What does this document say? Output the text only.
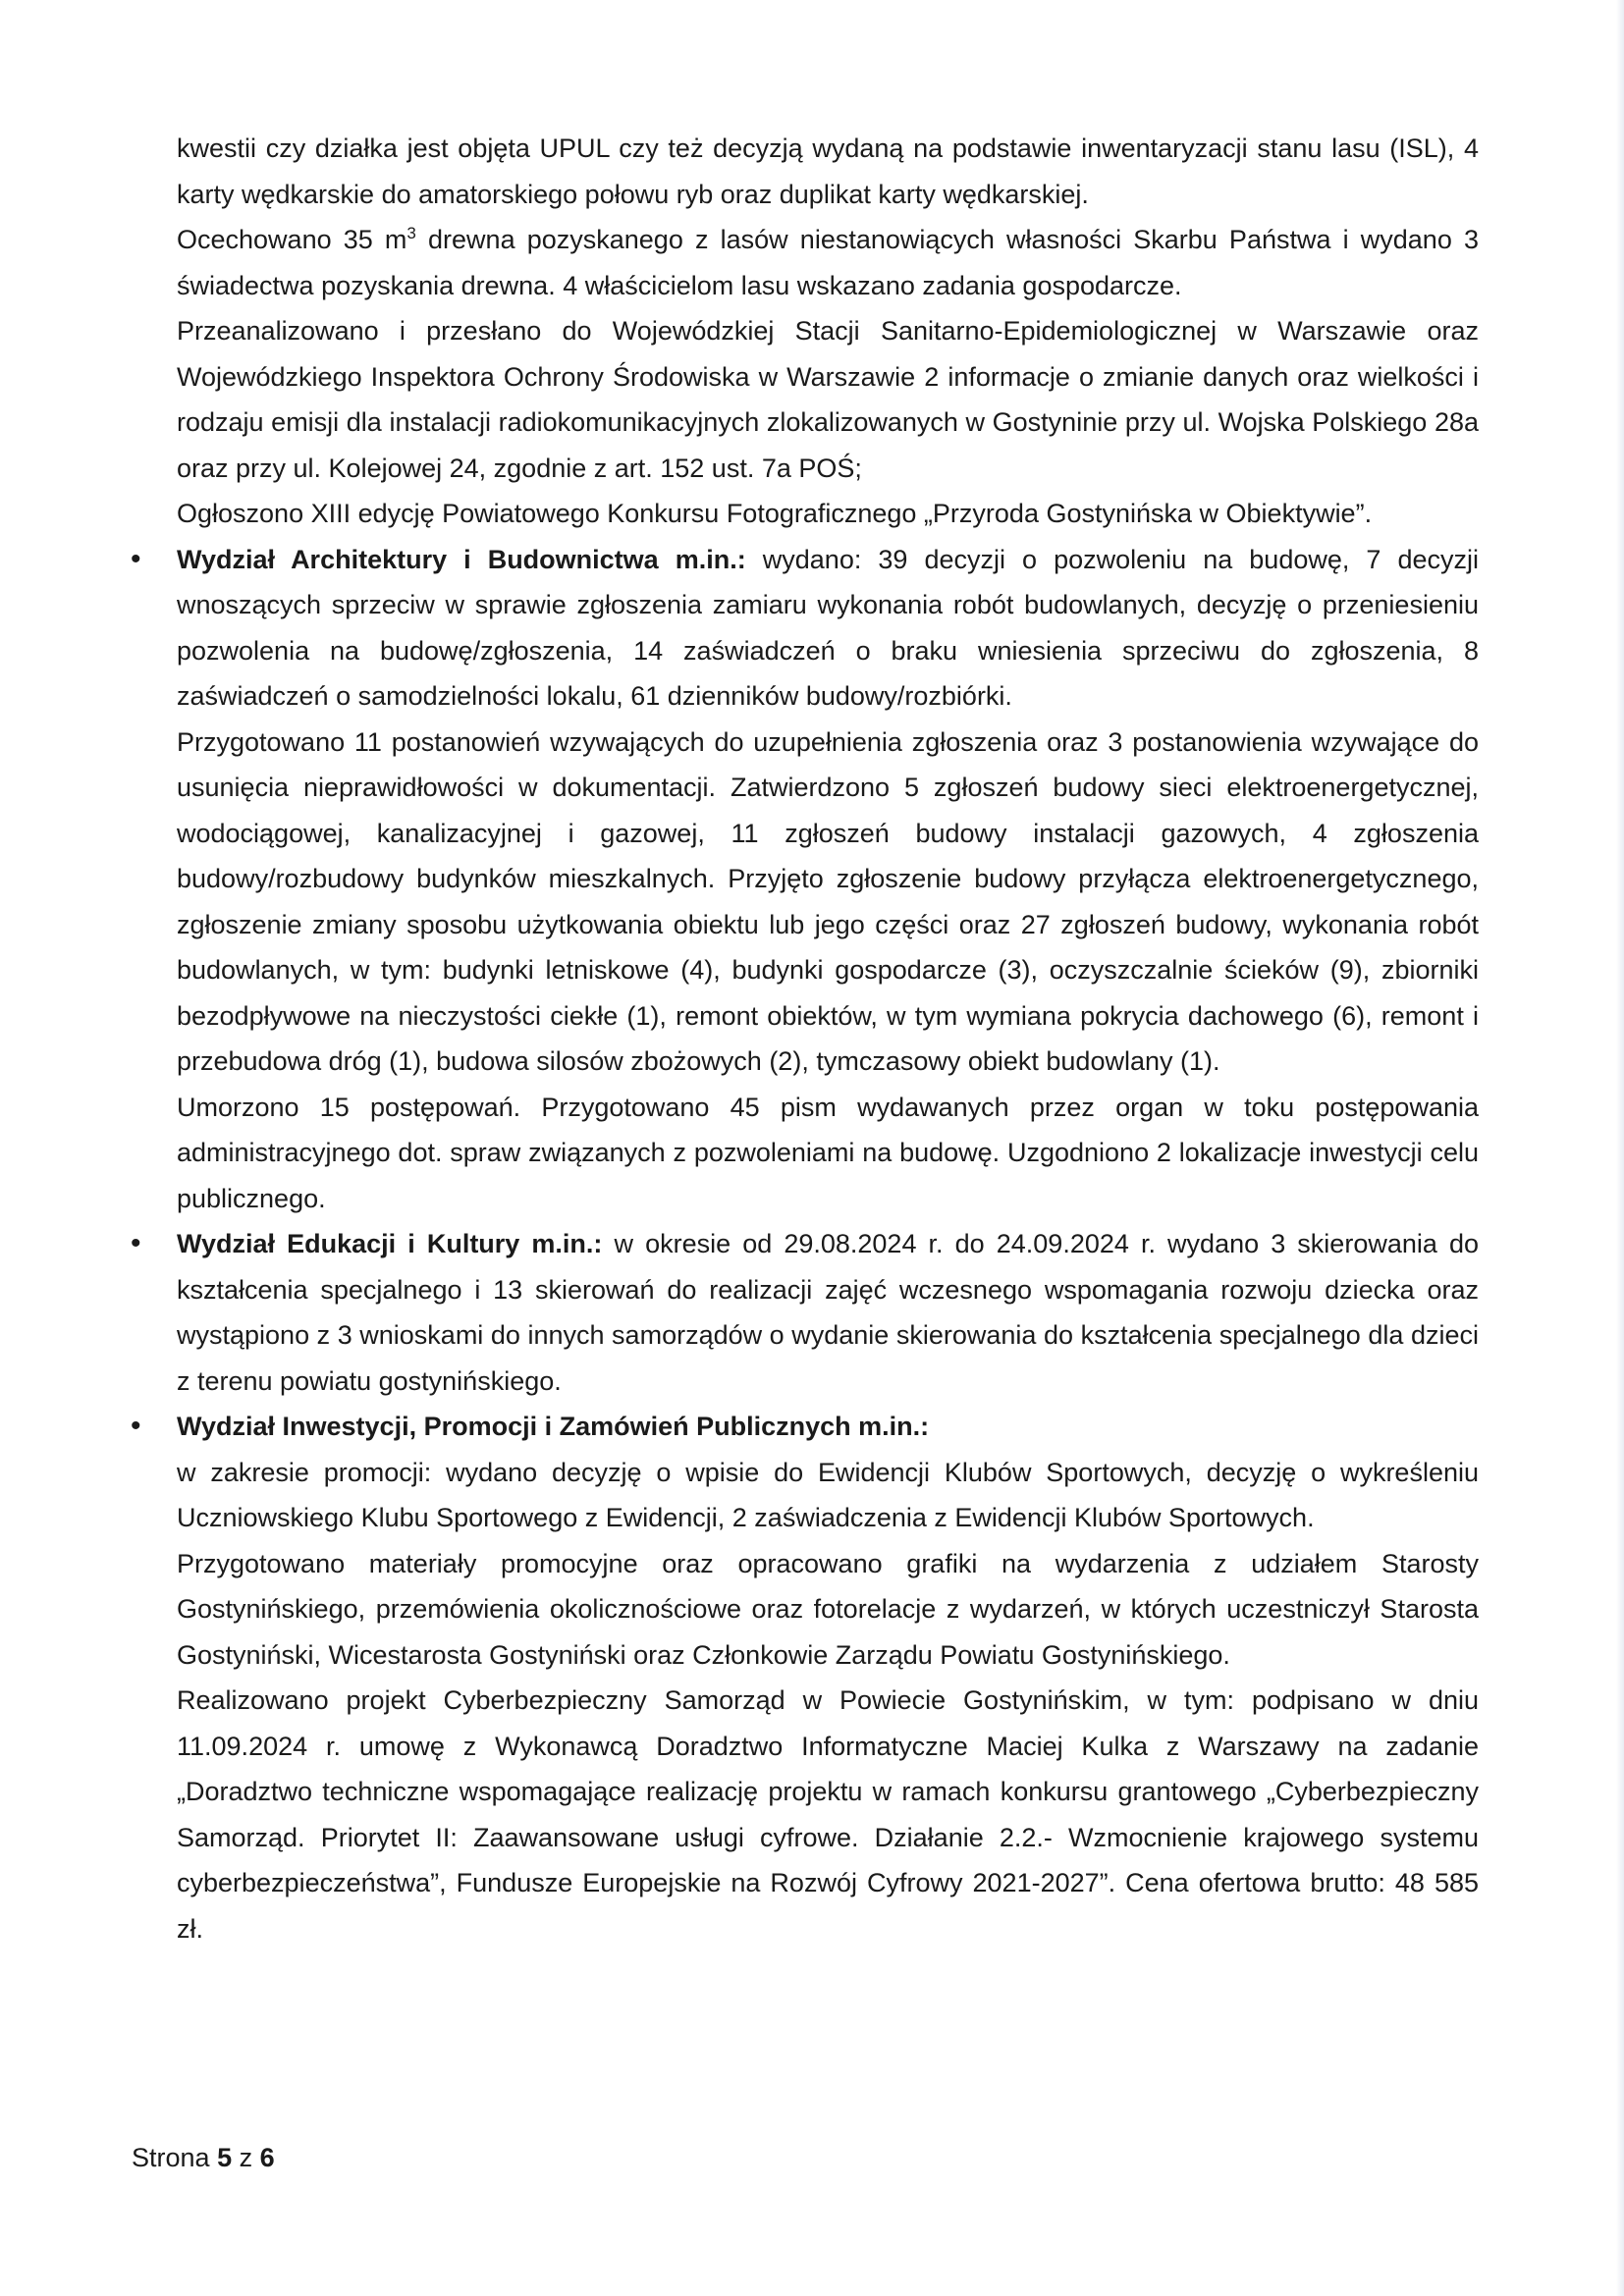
kwestii czy działka jest objęta UPUL czy też decyzją wydaną na podstawie inwentaryzacji stanu lasu (ISL), 4 karty wędkarskie do amatorskiego połowu ryb oraz duplikat karty wędkarskiej.

Ocechowano 35 $m^3$ drewna pozyskanego z lasów niestanowiących własności Skarbu Państwa i wydano 3 świadectwa pozyskania drewna. 4 właścicielom lasu wskazano zadania gospodarcze.

Przeanalizowano i przesłano do Wojewódzkiej Stacji Sanitarno-Epidemiologicznej w Warszawie oraz Wojewódzkiego Inspektora Ochrony Środowiska w Warszawie 2 informacje o zmianie danych oraz wielkości i rodzaju emisji dla instalacji radiokomunikacyjnych zlokalizowanych w Gostyninie przy ul. Wojska Polskiego 28a oraz przy ul. Kolejowej 24, zgodnie z art. 152 ust. 7a POŚ;

Ogłoszono XIII edycję Powiatowego Konkursu Fotograficznego „Przyroda Gostynińska w Obiektywie”.

• Wydział Architektury i Budownictwa m.in.: wydano: 39 decyzji o pozwoleniu na budowę, 7 decyzji wnoszących sprzeciw w sprawie zgłoszenia zamiaru wykonania robót budowlanych, decyzję o przeniesieniu pozwolenia na budowę/zgłoszenia, 14 zaświadczeń o braku wniesienia sprzeciwu do zgłoszenia, 8 zaświadczeń o samodzielności lokalu, 61 dzienników budowy/rozbiórki.

Przygotowano 11 postanowień wzywających do uzupełnienia zgłoszenia oraz 3 postanowienia wzywające do usunięcia nieprawidłowości w dokumentacji. Zatwierdzono 5 zgłoszeń budowy sieci elektroenergetycznej, wodociągowej, kanalizacyjnej i gazowej, 11 zgłoszeń budowy instalacji gazowych, 4 zgłoszenia budowy/rozbudowy budynków mieszkalnych. Przyjęto zgłoszenie budowy przyłącza elektroenergetycznego, zgłoszenie zmiany sposobu użytkowania obiektu lub jego części oraz 27 zgłoszeń budowy, wykonania robót budowlanych, w tym: budynki letniskowe (4), budynki gospodarcze (3), oczyszczalnie ścieków (9), zbiorniki bezodpływowe na nieczystości ciekłe (1), remont obiektów, w tym wymiana pokrycia dachowego (6), remont i przebudowa dróg (1), budowa silosów zbożowych (2), tymczasowy obiekt budowlany (1).

Umorzono 15 postępowań. Przygotowano 45 pism wydawanych przez organ w toku postępowania administracyjnego dot. spraw związanych z pozwoleniami na budowę. Uzgodniono 2 lokalizacje inwestycji celu publicznego.

• Wydział Edukacji i Kultury m.in.: w okresie od 29.08.2024 r. do 24.09.2024 r. wydano 3 skierowania do kształcenia specjalnego i 13 skierowań do realizacji zajęć wczesnego wspomagania rozwoju dziecka oraz wystąpiono z 3 wnioskami do innych samorządów o wydanie skierowania do kształcenia specjalnego dla dzieci z terenu powiatu gostynińskiego.

• Wydział Inwestycji, Promocji i Zamówień Publicznych m.in.:

w zakresie promocji: wydano decyzję o wpisie do Ewidencji Klubów Sportowych, decyzję o wykreśleniu Uczniowskiego Klubu Sportowego z Ewidencji, 2 zaświadczenia z Ewidencji Klubów Sportowych.

Przygotowano materiały promocyjne oraz opracowano grafiki na wydarzenia z udziałem Starosty Gostynińskiego, przemówienia okolicznościowe oraz fotorelacje z wydarzeń, w których uczestniczył Starosta Gostyniński, Wicestarosta Gostyniński oraz Członkowie Zarządu Powiatu Gostynińskiego.

Realizowano projekt Cyberbezpieczny Samorząd w Powiecie Gostynińskim, w tym: podpisano w dniu 11.09.2024 r. umowę z Wykonawcą Doradztwo Informatyczne Maciej Kulka z Warszawy na zadanie „Doradztwo techniczne wspomagające realizację projektu w ramach konkursu grantowego „Cyberbezpieczny Samorząd. Priorytet II: Zaawansowane usługi cyfrowe. Działanie 2.2.- Wzmocnienie krajowego systemu cyberbezpieczeństwa”, Fundusze Europejskie na Rozwój Cyfrowy 2021-2027”. Cena ofertowa brutto: 48 585 zł.

Strona 5 z 6
